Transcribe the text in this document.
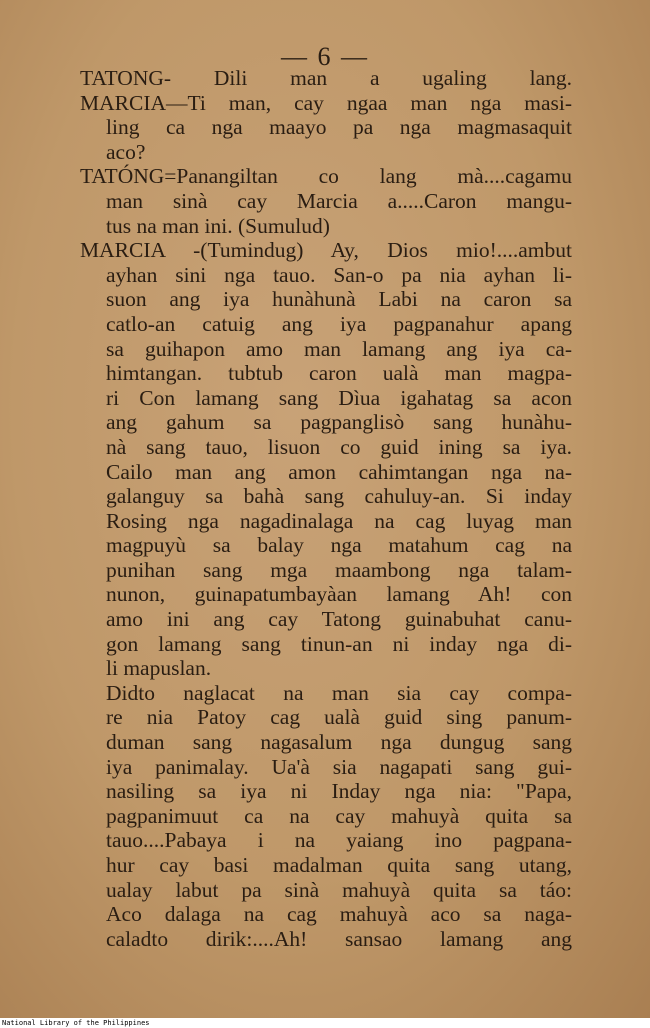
— 6 —
TATONG- Dili man a ugaling lang.
MARCIA—Ti man, cay ngaa man nga masi-
ling ca nga maayo pa nga magmasaquit
aco?
TATÓNG=Panangiltan co lang mà....cagamu
man sinà cay Marcia a.....Caron mangu-
tus na man ini. (Sumulud)
MARCIA -(Tumindug) Ay, Dios mio!....ambut
ayhan sini nga tauo. San-o pa nia ayhan li-
suon ang iya hunàhunà Labi na caron sa
catlo-an catuig ang iya pagpanahur apang
sa guihapon amo man lamang ang iya ca-
himtangan. tubtub caron ualà man magpa-
ri Con lamang sang Dìua igahatag sa acon
ang gahum sa pagpanglisò sang hunàhu-
nà sang tauo, lisuon co guid ining sa iya.
Cailo man ang amon cahimtangan nga na-
galanguy sa bahà sang cahuluy-an. Si inday
Rosing nga nagadinalaga na cag luyag man
magpuyù sa balay nga matahum cag na
punihan sang mga maambong nga talam-
nunon, guinapatumbayàan lamang Ah! con
amo ini ang cay Tatong guinabuhat canu-
gon lamang sang tinun-an ni inday nga di-
li mapuslan.
Didto naglacat na man sia cay compa-
re nia Patoy cag ualà guid sing panum-
duman sang nagasalum nga dungug sang
iya panimalay. Ua'à sia nagapati sang gui-
nasiling sa iya ni Inday nga nia: "Papa,
pagpanimuut ca na cay mahuyà quita sa
tauo....Pabaya i na yaiang ino pagpana-
hur cay basi madalman quita sang utang,
ualay labut pa sinà mahuyà quita sa táo:
Aco dalaga na cag mahuyà aco sa naga-
caladto dirik:....Ah! sansao lamang ang
National Library of the Philippines
